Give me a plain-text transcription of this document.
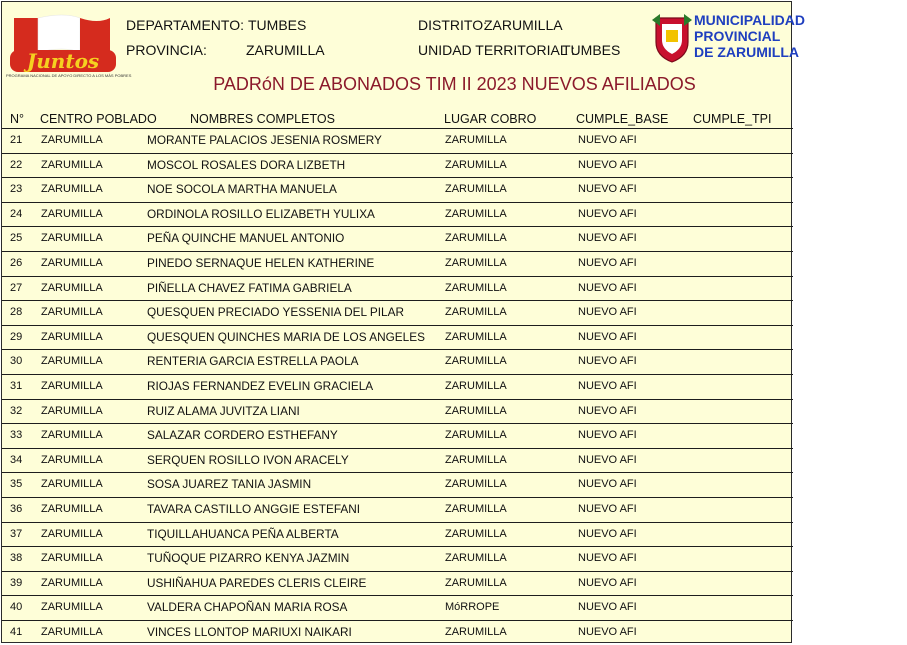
Juntos
PROGRAMA NACIONAL DE APOYO DIRECTO A LOS MÁS POBRES
DEPARTAMENTO: TUMBES
PROVINCIA:	ZARUMILLA
DISTRITO:
ZARUMILLA
UNIDAD TERRITORIAL :
TUMBES
MUNICIPALIDAD
PROVINCIAL
DE ZARUMILLA
PADRóN DE ABONADOS TIM II 2023 NUEVOS AFILIADOS
N° CENTRO POBLADO	NOMBRES COMPLETOS	LUGAR COBRO	CUMPLE_BASE CUMPLE_TPI
21 ZARUMILLA	MORANTE PALACIOS JESENIA ROSMERY	ZARUMILLA	NUEVO AFI
22 ZARUMILLA	MOSCOL ROSALES DORA LIZBETH	ZARUMILLA	NUEVO AFI
23 ZARUMILLA	NOE SOCOLA MARTHA MANUELA	ZARUMILLA	NUEVO AFI
24 ZARUMILLA	ORDINOLA ROSILLO ELIZABETH YULIXA	ZARUMILLA	NUEVO AFI
25 ZARUMILLA	PEÑA QUINCHE MANUEL ANTONIO	ZARUMILLA	NUEVO AFI
26 ZARUMILLA	PINEDO SERNAQUE HELEN KATHERINE	ZARUMILLA	NUEVO AFI
27 ZARUMILLA	PIÑELLA CHAVEZ FATIMA GABRIELA	ZARUMILLA	NUEVO AFI
28 ZARUMILLA	QUESQUEN PRECIADO YESSENIA DEL PILAR	ZARUMILLA	NUEVO AFI
29 ZARUMILLA	QUESQUEN QUINCHES MARIA DE LOS ANGELES ZARUMILLA	NUEVO AFI
30 ZARUMILLA	RENTERIA GARCIA ESTRELLA PAOLA	ZARUMILLA	NUEVO AFI
31 ZARUMILLA	RIOJAS FERNANDEZ EVELIN GRACIELA	ZARUMILLA	NUEVO AFI
32 ZARUMILLA	RUIZ ALAMA JUVITZA LIANI	ZARUMILLA	NUEVO AFI
33 ZARUMILLA	SALAZAR CORDERO ESTHEFANY	ZARUMILLA	NUEVO AFI
34 ZARUMILLA	SERQUEN ROSILLO IVON ARACELY	ZARUMILLA	NUEVO AFI
35 ZARUMILLA	SOSA JUAREZ TANIA JASMIN	ZARUMILLA	NUEVO AFI
36 ZARUMILLA	TAVARA CASTILLO ANGGIE ESTEFANI	ZARUMILLA	NUEVO AFI
37 ZARUMILLA	TIQUILLAHUANCA PEÑA ALBERTA	ZARUMILLA	NUEVO AFI
38 ZARUMILLA	TUÑOQUE PIZARRO KENYA JAZMIN	ZARUMILLA	NUEVO AFI
39 ZARUMILLA	USHIÑAHUA PAREDES CLERIS CLEIRE	ZARUMILLA	NUEVO AFI
40 ZARUMILLA	VALDERA CHAPOÑAN MARIA ROSA	MóRROPE	NUEVO AFI
41 ZARUMILLA	VINCES LLONTOP MARIUXI NAIKARI	ZARUMILLA	NUEVO AFI
